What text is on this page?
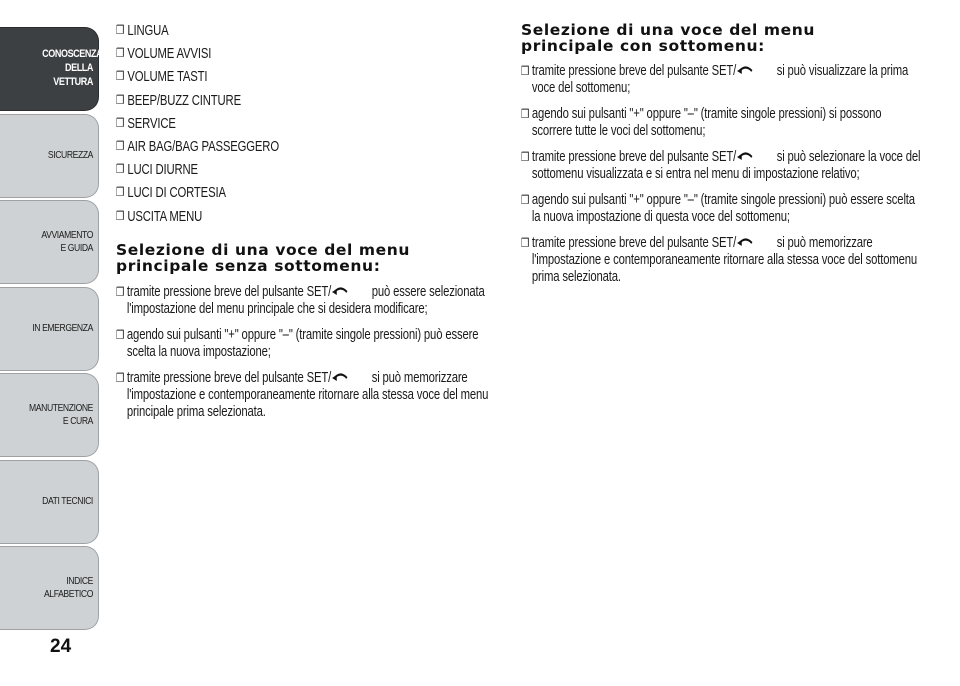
CONOSCENZA DELLA VETTURA
SICUREZZA
AVVIAMENTO E GUIDA
IN EMERGENZA
MANUTENZIONE E CURA
DATI TECNICI
INDICE ALFABETICO
24
❒ LINGUA
❒ VOLUME AVVISI
❒ VOLUME TASTI
❒ BEEP/BUZZ CINTURE
❒ SERVICE
❒ AIR BAG/BAG PASSEGGERO
❒ LUCI DIURNE
❒ LUCI DI CORTESIA
❒ USCITA MENU
Selezione di una voce del menu principale senza sottomenu:
❒ tramite pressione breve del pulsante SET/	può essere selezionata l'impostazione del menu principale che si desidera modificare;
❒ agendo sui pulsanti "+" oppure "–" (tramite singole pressioni) può essere scelta la nuova impostazione;
❒ tramite pressione breve del pulsante SET/	si può memorizzare l'impostazione e contemporaneamente ritornare alla stessa voce del menu principale prima selezionata.
Selezione di una voce del menu principale con sottomenu:
❒ tramite pressione breve del pulsante SET/	si può visualizzare la prima voce del sottomenu;
❒ agendo sui pulsanti "+" oppure "–" (tramite singole pressioni) si possono scorrere tutte le voci del sottomenu;
❒ tramite pressione breve del pulsante SET/	si può selezionare la voce del sottomenu visualizzata e si entra nel menu di impostazione relativo;
❒ agendo sui pulsanti "+" oppure "–" (tramite singole pressioni) può essere scelta la nuova impostazione di questa voce del sottomenu;
❒ tramite pressione breve del pulsante SET/	si può memorizzare l'impostazione e contemporaneamente ritornare alla stessa voce del sottomenu prima selezionata.
